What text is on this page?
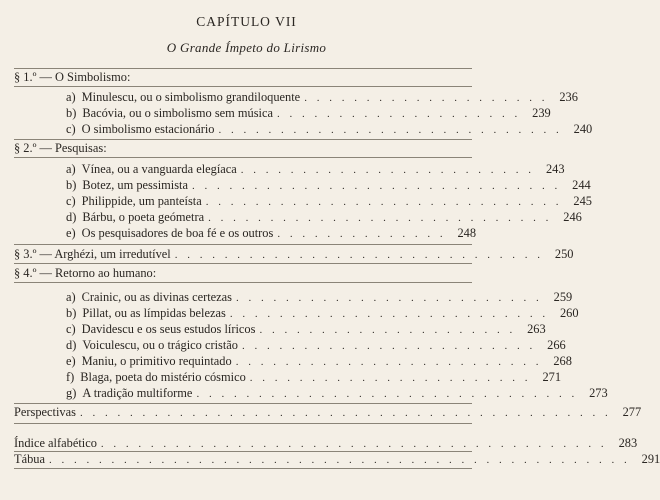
CAPÍTULO VII
O Grande Ímpeto do Lirismo
§ 1.º — O Simbolismo:
a) Minulescu, ou o simbolismo grandiloquente . . . . . . . . . . . . . . . . . . . . 236
b) Bacóvia, ou o simbolismo sem música . . . . . . . . . . . . . . . . . . . . 239
c) O simbolismo estacionário . . . . . . . . . . . . . . . . . . . . . . . . . . . . 240
§ 2.º — Pesquisas:
a) Vínea, ou a vanguarda elegíaca . . . . . . . . . . . . . . . . . . . . . . . . 243
b) Botez, um pessimista . . . . . . . . . . . . . . . . . . . . . . . . . . . . . . 244
c) Philippide, um panteísta . . . . . . . . . . . . . . . . . . . . . . . . . . . . . 245
d) Bárbu, o poeta geómetra . . . . . . . . . . . . . . . . . . . . . . . . . . . . 246
e) Os pesquisadores de boa fé e os outros . . . . . . . . . . . . . . 248
§ 3.º — Arghézi, um irredutível . . . . . . . . . . . . . . . . . . . . . . . . . . . . . . 250
§ 4.º — Retorno ao humano:
a) Crainic, ou as divinas certezas . . . . . . . . . . . . . . . . . . . . . . . . . 259
b) Pillat, ou as límpidas belezas . . . . . . . . . . . . . . . . . . . . . . . . . . 260
c) Davidescu e os seus estudos líricos . . . . . . . . . . . . . . . . . . . . . 263
d) Voiculescu, ou o trágico cristão . . . . . . . . . . . . . . . . . . . . . . . . 266
e) Maniu, o primitivo requintado . . . . . . . . . . . . . . . . . . . . . . . . . 268
f) Blaga, poeta do mistério cósmico . . . . . . . . . . . . . . . . . . . . . . . 271
g) A tradição multiforme . . . . . . . . . . . . . . . . . . . . . . . . . . . . . . . 273
Perspectivas . . . . . . . . . . . . . . . . . . . . . . . . . . . . . . . . . . . . . . . . . . . 277
Índice alfabético . . . . . . . . . . . . . . . . . . . . . . . . . . . . . . . . . . . . . . . . . 283
Tábua . . . . . . . . . . . . . . . . . . . . . . . . . . . . . . . . . . . . . . . . . . . . . . . 291
